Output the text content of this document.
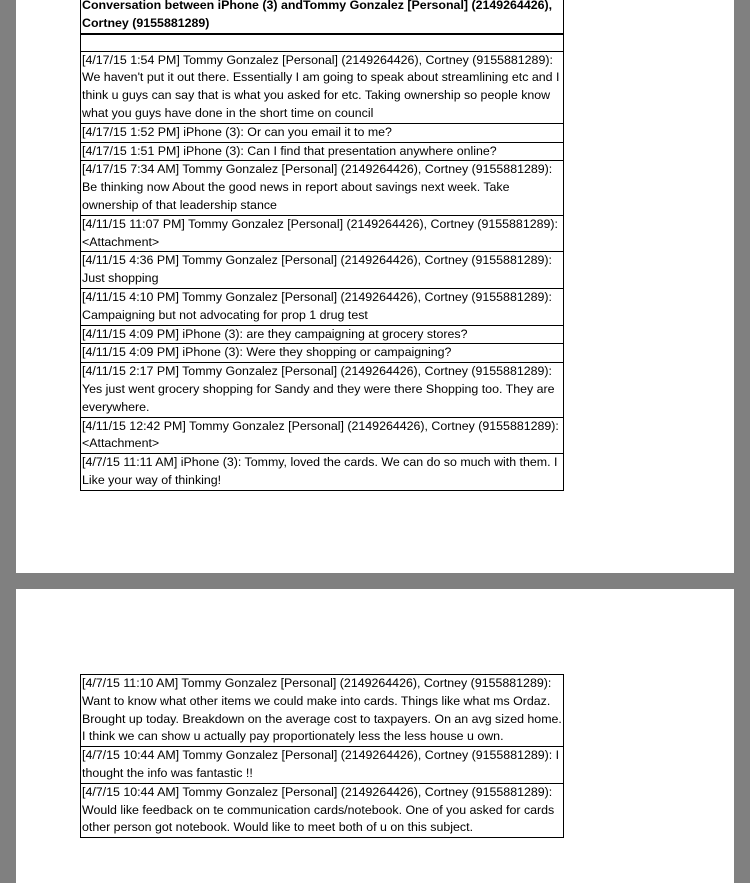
Conversation between iPhone (3) andTommy Gonzalez [Personal] (2149264426), Cortney (9155881289)
[4/17/15 1:54 PM] Tommy Gonzalez [Personal] (2149264426), Cortney (9155881289): We haven't put it out there. Essentially I am going to speak about streamlining etc and I think u guys can say that is what you asked for etc. Taking ownership so people know what you guys have done in the short time on council
[4/17/15 1:52 PM] iPhone (3): Or can you email it to me?
[4/17/15 1:51 PM] iPhone (3): Can I find that presentation anywhere online?
[4/17/15 7:34 AM] Tommy Gonzalez [Personal] (2149264426), Cortney (9155881289): Be thinking now About the good news in report about savings next week. Take ownership of that leadership stance
[4/11/15 11:07 PM] Tommy Gonzalez [Personal] (2149264426), Cortney (9155881289): <Attachment>
[4/11/15 4:36 PM] Tommy Gonzalez [Personal] (2149264426), Cortney (9155881289): Just shopping
[4/11/15 4:10 PM] Tommy Gonzalez [Personal] (2149264426), Cortney (9155881289): Campaigning but not advocating for prop 1 drug test
[4/11/15 4:09 PM] iPhone (3): are they campaigning at grocery stores?
[4/11/15 4:09 PM] iPhone (3): Were they shopping or campaigning?
[4/11/15 2:17 PM] Tommy Gonzalez [Personal] (2149264426), Cortney (9155881289): Yes just went grocery shopping for Sandy and they were there Shopping too. They are everywhere.
[4/11/15 12:42 PM] Tommy Gonzalez [Personal] (2149264426), Cortney (9155881289): <Attachment>
[4/7/15 11:11 AM] iPhone (3): Tommy, loved the cards. We can do so much with them. I Like your way of thinking!
[4/7/15 11:10 AM] Tommy Gonzalez [Personal] (2149264426), Cortney (9155881289): Want to know what other items we could make into cards. Things like what ms Ordaz. Brought up today. Breakdown on the average cost to taxpayers. On an avg sized home. I think we can show u actually pay proportionately less the less house u own.
[4/7/15 10:44 AM] Tommy Gonzalez [Personal] (2149264426), Cortney (9155881289): I thought the info was fantastic !!
[4/7/15 10:44 AM] Tommy Gonzalez [Personal] (2149264426), Cortney (9155881289): Would like feedback on te communication cards/notebook. One of you asked for cards other person got notebook. Would like to meet both of u on this subject.
